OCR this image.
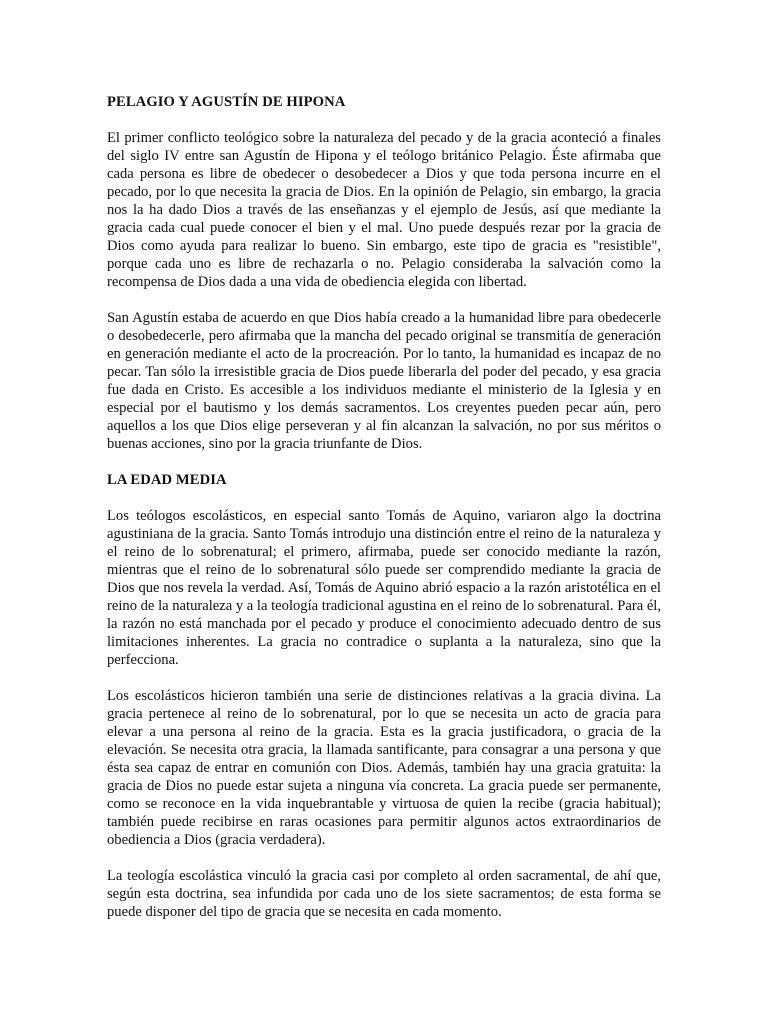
PELAGIO Y AGUSTÍN DE HIPONA

El primer conflicto teológico sobre la naturaleza del pecado y de la gracia aconteció a finales del siglo IV entre san Agustín de Hipona y el teólogo británico Pelagio. Éste afirmaba que cada persona es libre de obedecer o desobedecer a Dios y que toda persona incurre en el pecado, por lo que necesita la gracia de Dios. En la opinión de Pelagio, sin embargo, la gracia nos la ha dado Dios a través de las enseñanzas y el ejemplo de Jesús, así que mediante la gracia cada cual puede conocer el bien y el mal. Uno puede después rezar por la gracia de Dios como ayuda para realizar lo bueno. Sin embargo, este tipo de gracia es "resistible", porque cada uno es libre de rechazarla o no. Pelagio consideraba la salvación como la recompensa de Dios dada a una vida de obediencia elegida con libertad.

San Agustín estaba de acuerdo en que Dios había creado a la humanidad libre para obedecerle o desobedecerle, pero afirmaba que la mancha del pecado original se transmitía de generación en generación mediante el acto de la procreación. Por lo tanto, la humanidad es incapaz de no pecar. Tan sólo la irresistible gracia de Dios puede liberarla del poder del pecado, y esa gracia fue dada en Cristo. Es accesible a los individuos mediante el ministerio de la Iglesia y en especial por el bautismo y los demás sacramentos. Los creyentes pueden pecar aún, pero aquellos a los que Dios elige perseveran y al fin alcanzan la salvación, no por sus méritos o buenas acciones, sino por la gracia triunfante de Dios.

LA EDAD MEDIA

Los teólogos escolásticos, en especial santo Tomás de Aquino, variaron algo la doctrina agustiniana de la gracia. Santo Tomás introdujo una distinción entre el reino de la naturaleza y el reino de lo sobrenatural; el primero, afirmaba, puede ser conocido mediante la razón, mientras que el reino de lo sobrenatural sólo puede ser comprendido mediante la gracia de Dios que nos revela la verdad. Así, Tomás de Aquino abrió espacio a la razón aristotélica en el reino de la naturaleza y a la teología tradicional agustina en el reino de lo sobrenatural. Para él, la razón no está manchada por el pecado y produce el conocimiento adecuado dentro de sus limitaciones inherentes. La gracia no contradice o suplanta a la naturaleza, sino que la perfecciona.

Los escolásticos hicieron también una serie de distinciones relativas a la gracia divina. La gracia pertenece al reino de lo sobrenatural, por lo que se necesita un acto de gracia para elevar a una persona al reino de la gracia. Esta es la gracia justificadora, o gracia de la elevación. Se necesita otra gracia, la llamada santificante, para consagrar a una persona y que ésta sea capaz de entrar en comunión con Dios. Además, también hay una gracia gratuita: la gracia de Dios no puede estar sujeta a ninguna vía concreta. La gracia puede ser permanente, como se reconoce en la vida inquebrantable y virtuosa de quien la recibe (gracia habitual); también puede recibirse en raras ocasiones para permitir algunos actos extraordinarios de obediencia a Dios (gracia verdadera).

La teología escolástica vinculó la gracia casi por completo al orden sacramental, de ahí que, según esta doctrina, sea infundida por cada uno de los siete sacramentos; de esta forma se puede disponer del tipo de gracia que se necesita en cada momento.
